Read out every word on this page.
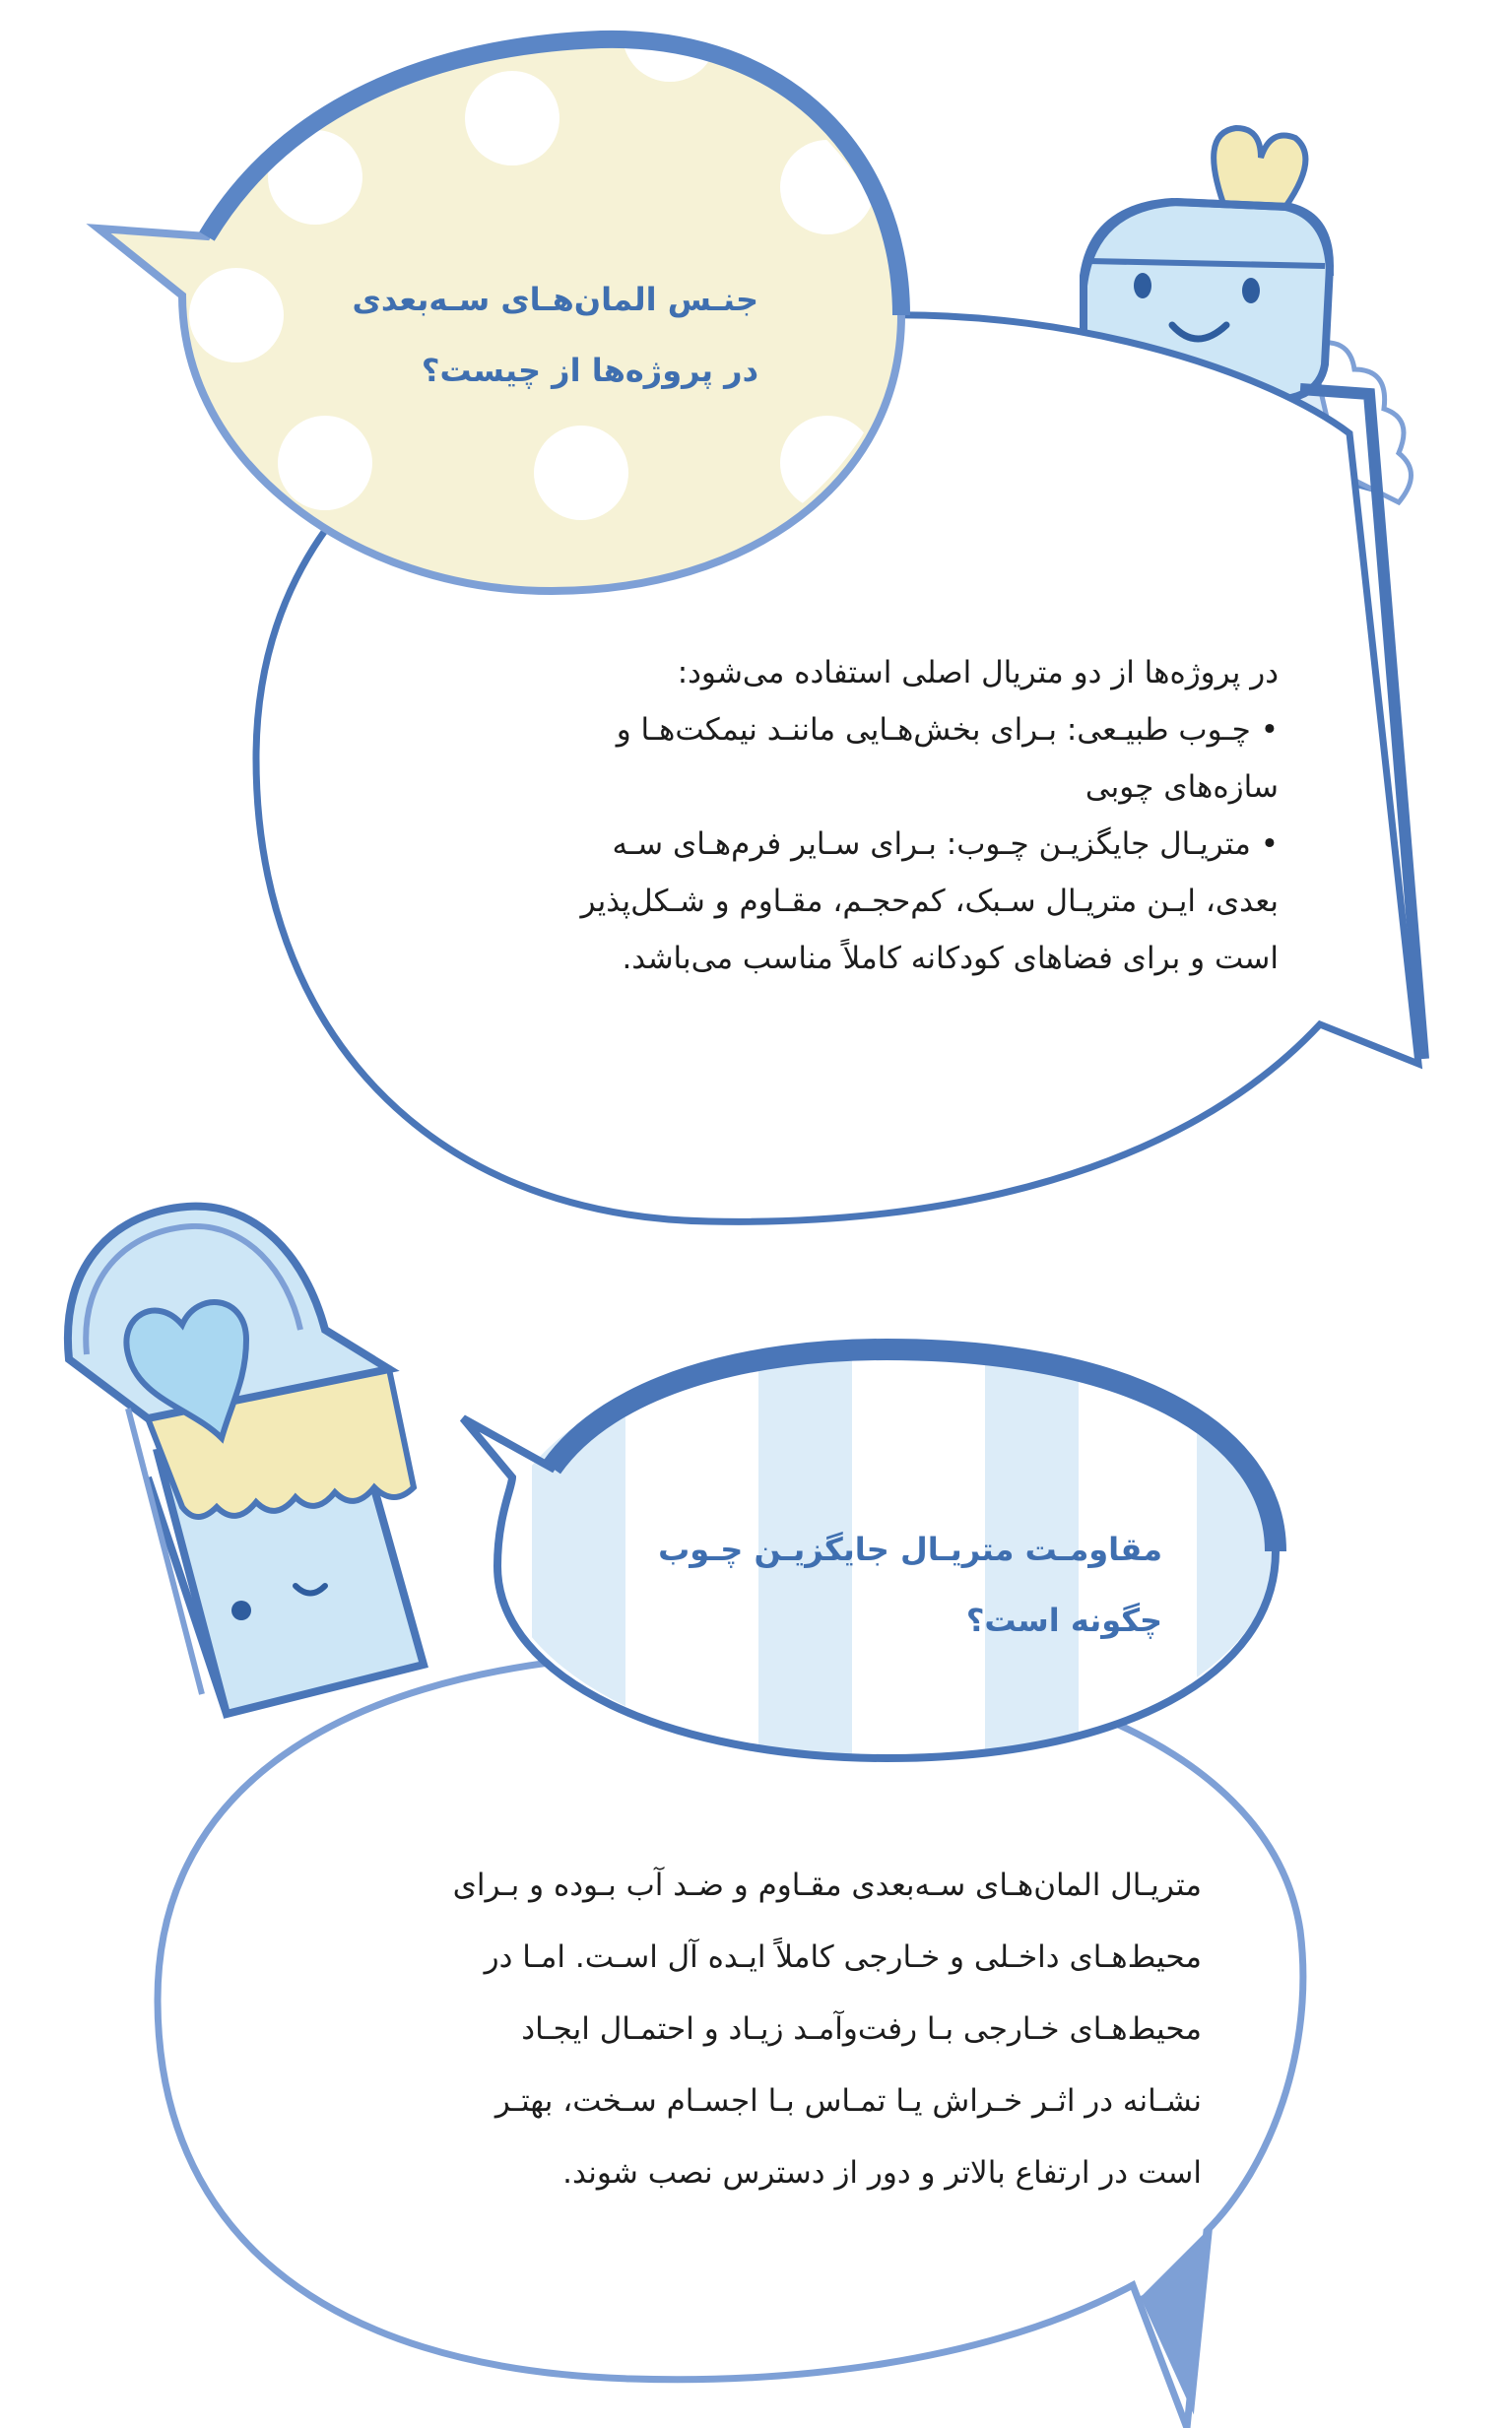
جنـس المان‌هـای سـه‌بعدی

در پروژه‌ها از چیست؟

در پروژه‌ها از دو متریال اصلی استفاده می‌شود:

• چـوب طبیـعی: بـرای بخش‌هـایی ماننـد نیمکت‌هـا و

سازه‌های چوبی

• متریـال جایگزیـن چـوب: بـرای سـایر فرم‌هـای سـه

بعدی، ایـن متریـال سـبک، کم‌حجـم، مقـاوم و شـکل‌پذیر

است و برای فضاهای کودکانه کاملاً مناسب می‌باشد.

مقاومـت متریـال جایگزیـن چـوب

چگونه است؟

متریـال المان‌هـای سـه‌بعدی مقـاوم و ضـد آب بـوده و بـرای

محیط‌هـای داخـلی و خـارجی کاملاً ایـده آل اسـت. امـا در

محیط‌هـای خـارجی بـا رفت‌وآمـد زیـاد و احتمـال ایجـاد

نشـانه در اثـر خـراش یـا تمـاس بـا اجسـام سـخت، بهتـر

است در ارتفاع بالاتر و دور از دسترس نصب شوند.
